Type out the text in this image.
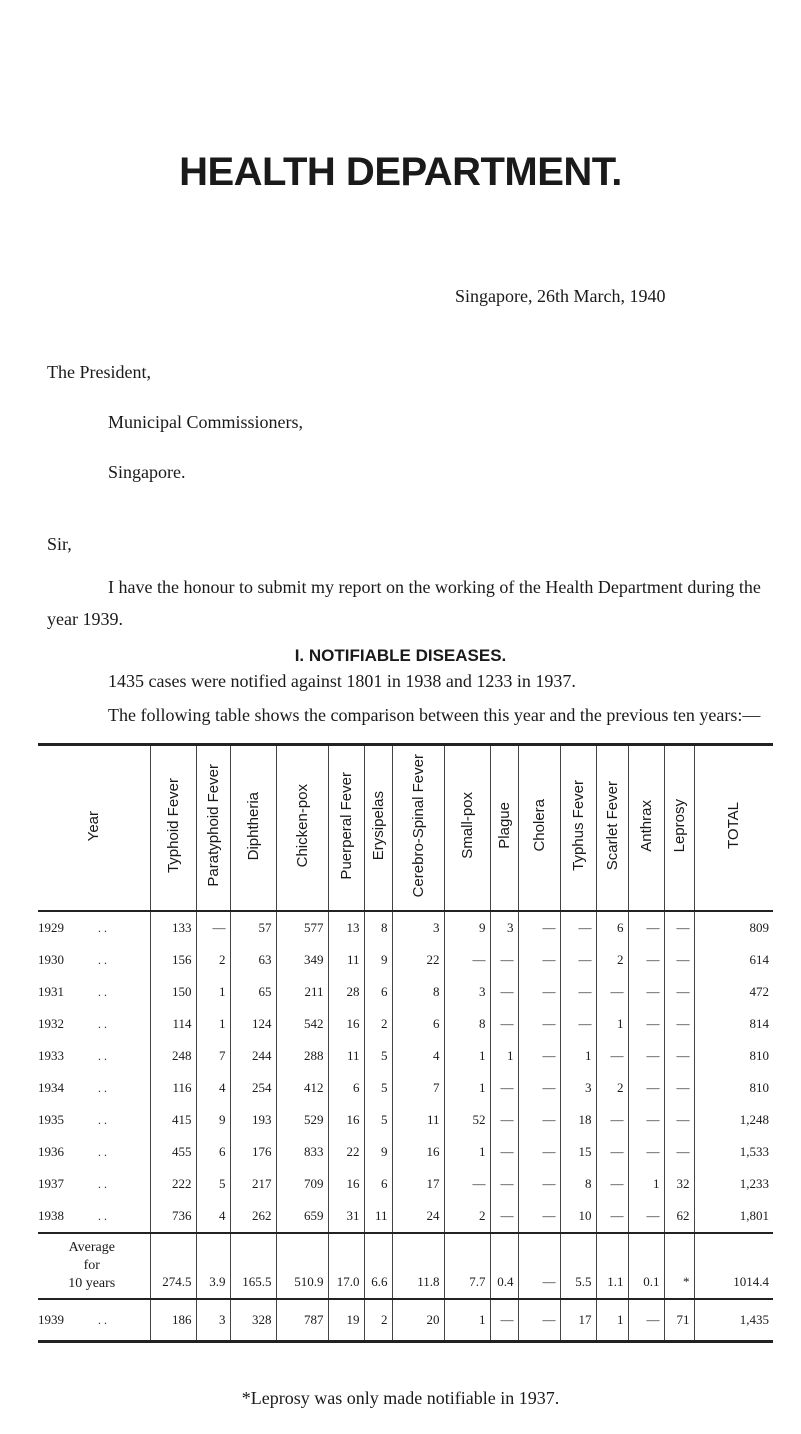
HEALTH DEPARTMENT.
Singapore, 26th March, 1940
The President,
Municipal Commissioners,
Singapore.
Sir,
I have the honour to submit my report on the working of the Health Department during the year 1939.
I. NOTIFIABLE DISEASES.
1435 cases were notified against 1801 in 1938 and 1233 in 1937.
The following table shows the comparison between this year and the previous ten years:—
Year	Typhoid Fever	Paratyphoid Fever	Diphtheria	Chicken-pox	Puerperal Fever	Erysipelas	Cerebro-Spinal Fever	Small-pox	Plague	Cholera	Typhus Fever	Scarlet Fever	Anthrax	Leprosy	TOTAL
1929 . .	133	—	57	577	13	8	3	9	3	—	—	6	—	—	809
1930 . .	156	2	63	349	11	9	22	—	—	—	—	2	—	—	614
1931 . .	150	1	65	211	28	6	8	3	—	—	—	—	—	—	472
1932 . .	114	1	124	542	16	2	6	8	—	—	—	1	—	—	814
1933 . .	248	7	244	288	11	5	4	1	1	—	1	—	—	—	810
1934 . .	116	4	254	412	6	5	7	1	—	—	3	2	—	—	810
1935 . .	415	9	193	529	16	5	11	52	—	—	18	—	—	—	1,248
1936 . .	455	6	176	833	22	9	16	1	—	—	15	—	—	—	1,533
1937 . .	222	5	217	709	16	6	17	—	—	—	8	—	1	32	1,233
1938 . .	736	4	262	659	31	11	24	2	—	—	10	—	—	62	1,801

Average
for
10 years	274.5	3.9	165.5	510.9	17.0	6.6	11.8	7.7	0.4	—	5.5	1.1	0.1	*	1014.4
1939 . .	186	3	328	787	19	2	20	1	—	—	17	1	—	71	1,435
*Leprosy was only made notifiable in 1937.
